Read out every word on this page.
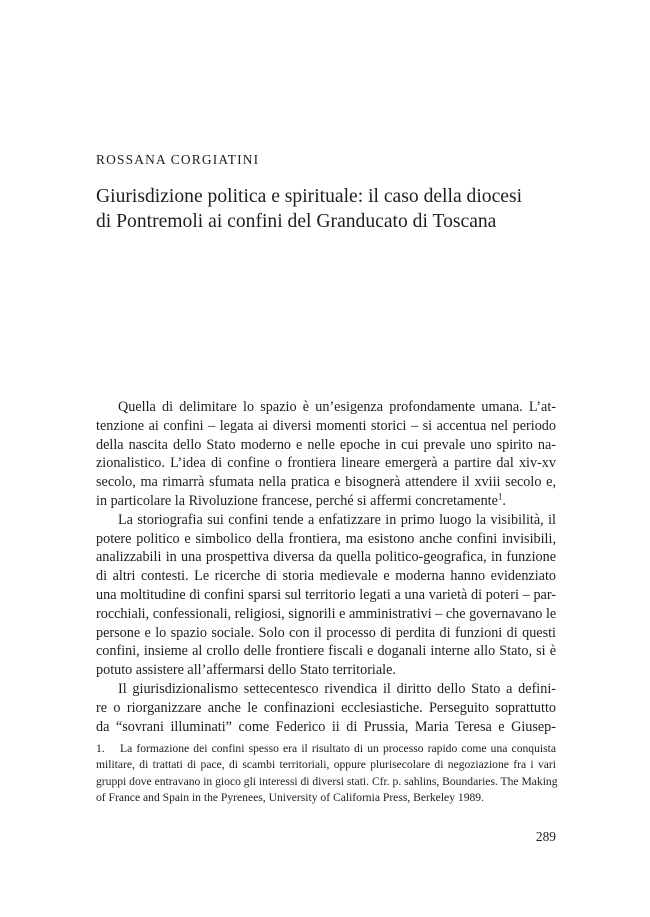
ROSSANA CORGIATINI

Giurisdizione politica e spirituale: il caso della diocesi
di Pontremoli ai confini del Granducato di Toscana

Quella di delimitare lo spazio è un’esigenza profondamente umana. L’at-
tenzione ai confini – legata ai diversi momenti storici – si accentua nel periodo
della nascita dello Stato moderno e nelle epoche in cui prevale uno spirito na-
zionalistico. L’idea di confine o frontiera lineare emergerà a partire dal xiv-xv
secolo, ma rimarrà sfumata nella pratica e bisognerà attendere il xviii secolo e,
in particolare la Rivoluzione francese, perché si affermi concretamente$^1$.

La storiografia sui confini tende a enfatizzare in primo luogo la visibilità, il
potere politico e simbolico della frontiera, ma esistono anche confini invisibili,
analizzabili in una prospettiva diversa da quella politico-geografica, in funzione
di altri contesti. Le ricerche di storia medievale e moderna hanno evidenziato
una moltitudine di confini sparsi sul territorio legati a una varietà di poteri – par-
rocchiali, confessionali, religiosi, signorili e amministrativi – che governavano le
persone e lo spazio sociale. Solo con il processo di perdita di funzioni di questi
confini, insieme al crollo delle frontiere fiscali e doganali interne allo Stato, si è
potuto assistere all’affermarsi dello Stato territoriale.

Il giurisdizionalismo settecentesco rivendica il diritto dello Stato a defini-
re o riorganizzare anche le confinazioni ecclesiastiche. Perseguito soprattutto
da “sovrani illuminati” come Federico ii di Prussia, Maria Teresa e Giusep-

1. La formazione dei confini spesso era il risultato di un processo rapido come una conquista
militare, di trattati di pace, di scambi territoriali, oppure plurisecolare di negoziazione fra i vari
gruppi dove entravano in gioco gli interessi di diversi stati. Cfr. p. sahlins, Boundaries. The Making
of France and Spain in the Pyrenees, University of California Press, Berkeley 1989.

289
